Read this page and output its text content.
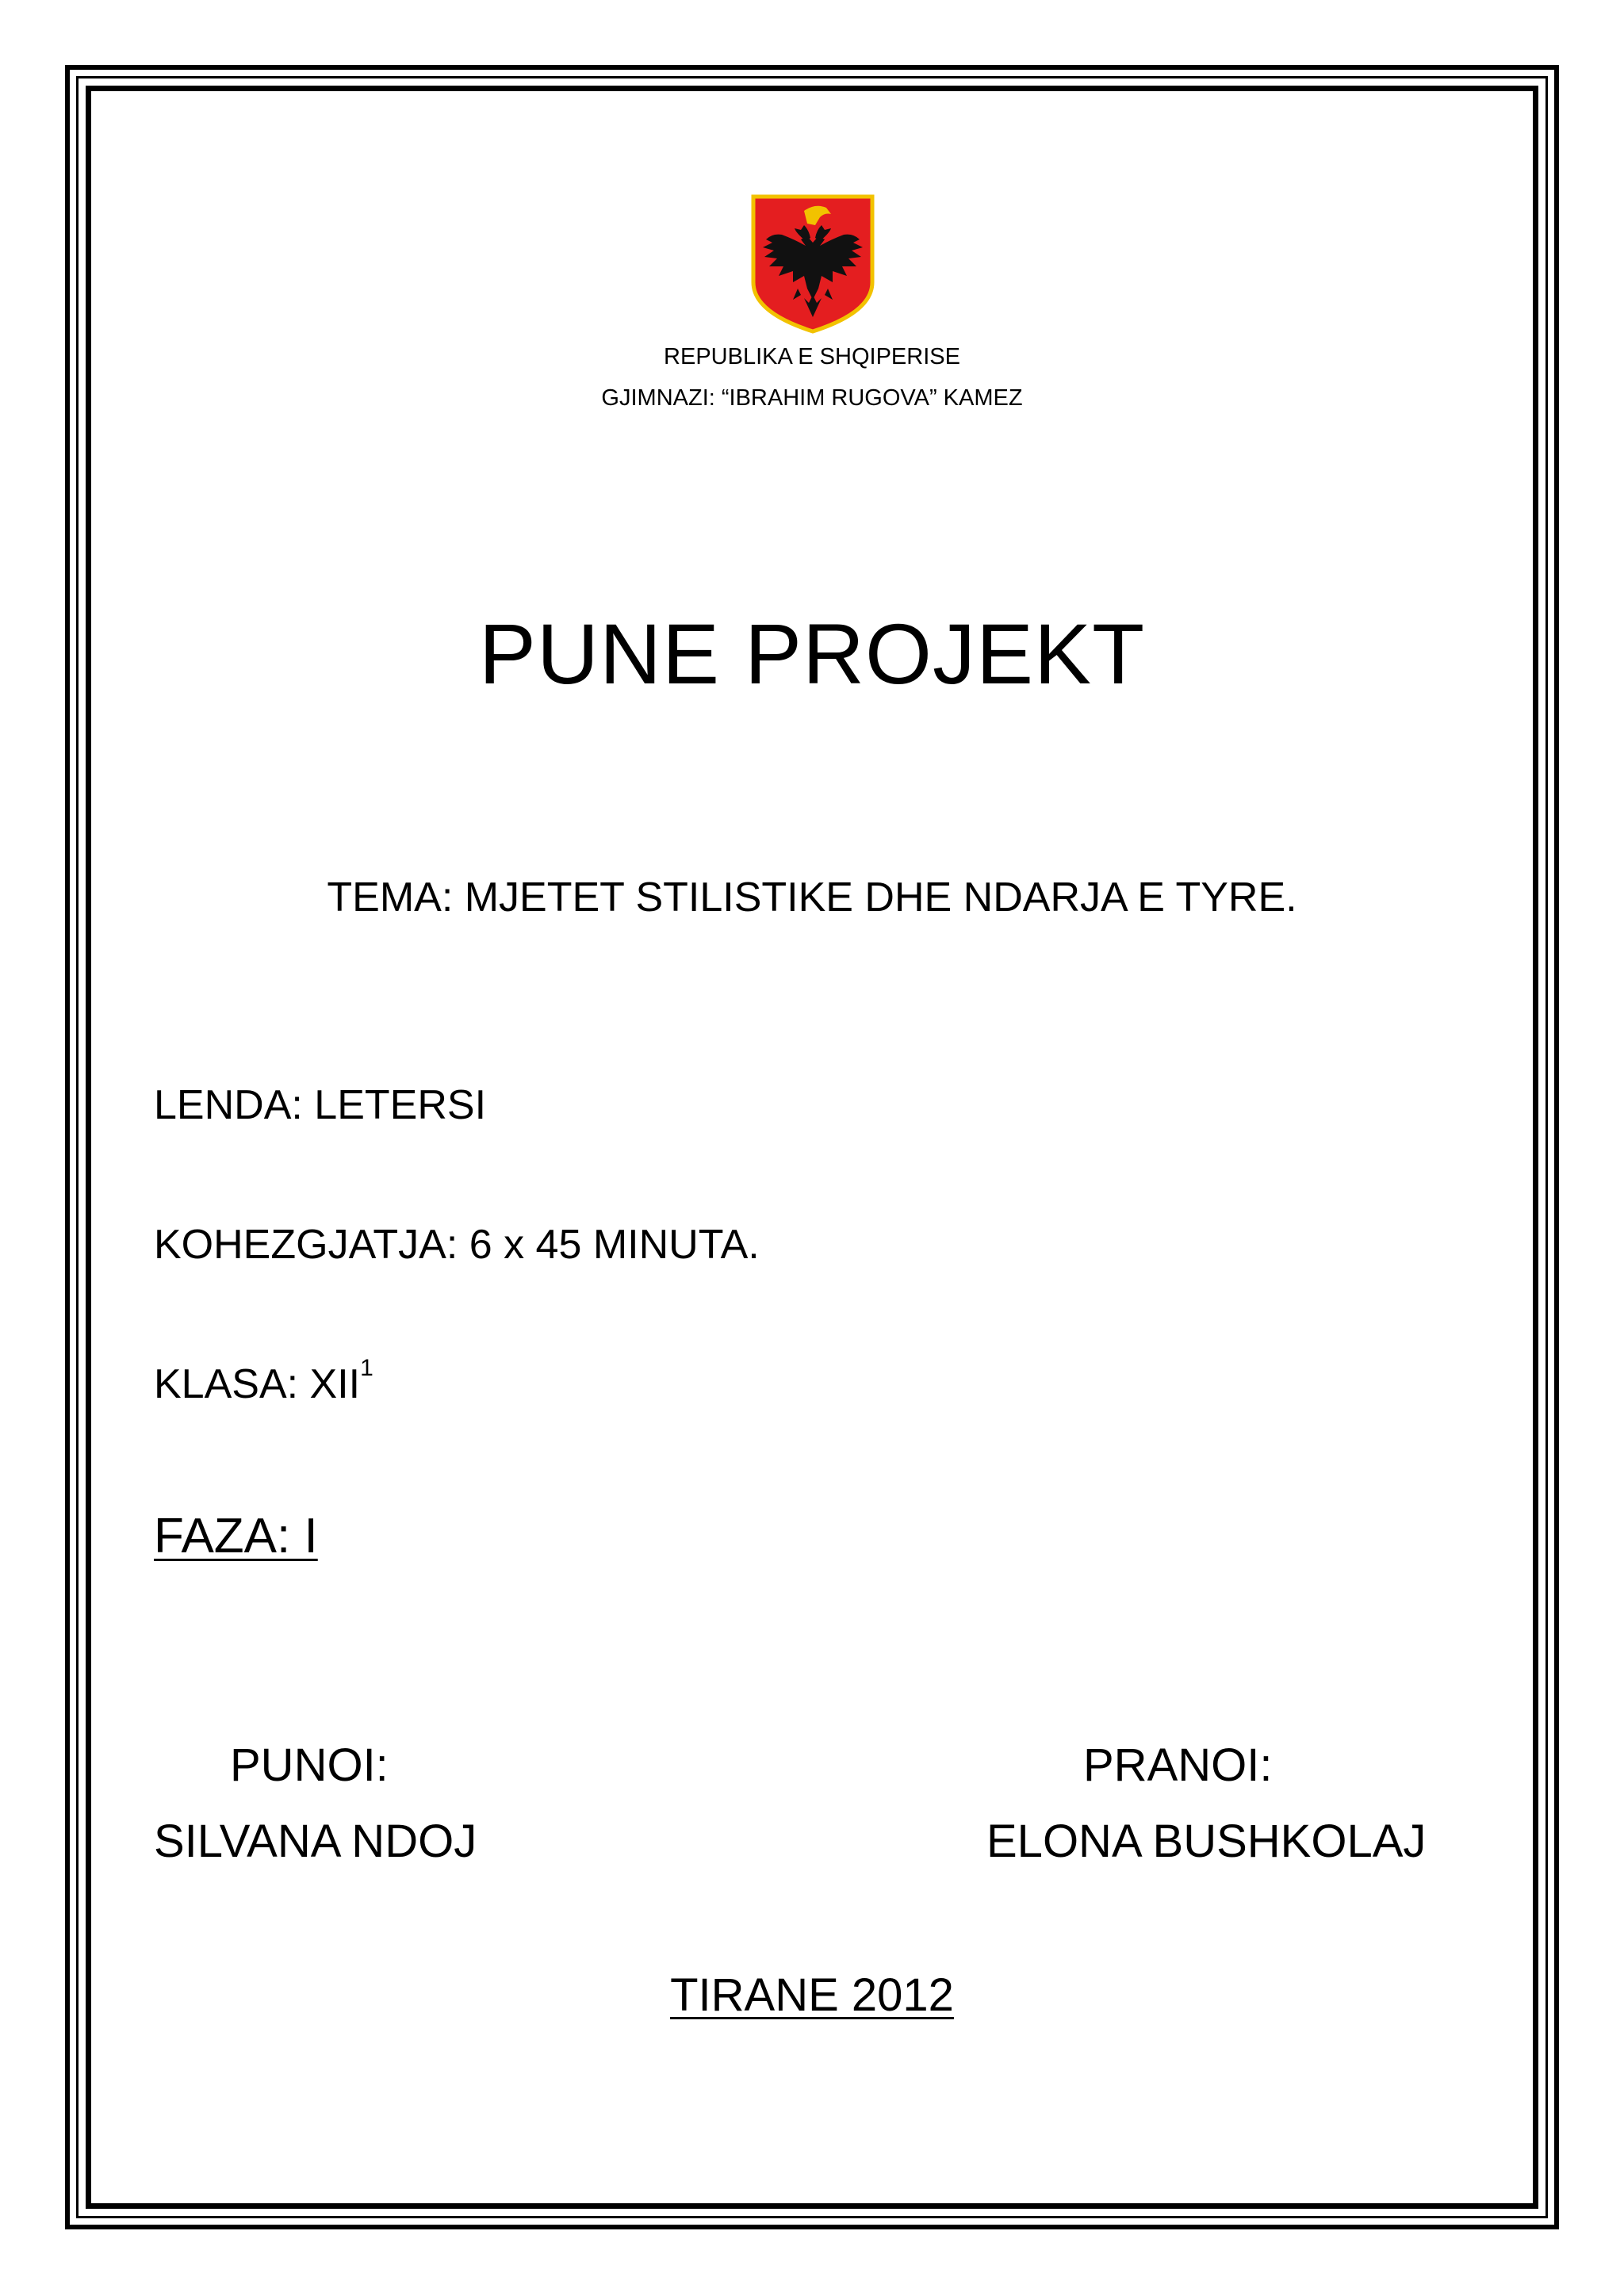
REPUBLIKA E SHQIPERISE
GJIMNAZI: “IBRAHIM RUGOVA” KAMEZ
PUNE PROJEKT
TEMA: MJETET STILISTIKE DHE NDARJA E TYRE.
LENDA: LETERSI
KOHEZGJATJA: 6 x 45 MINUTA.
KLASA: XII$^1$
FAZA: I
PUNOI:
SILVANA NDOJ
PRANOI:
ELONA BUSHKOLAJ
TIRANE 2012
